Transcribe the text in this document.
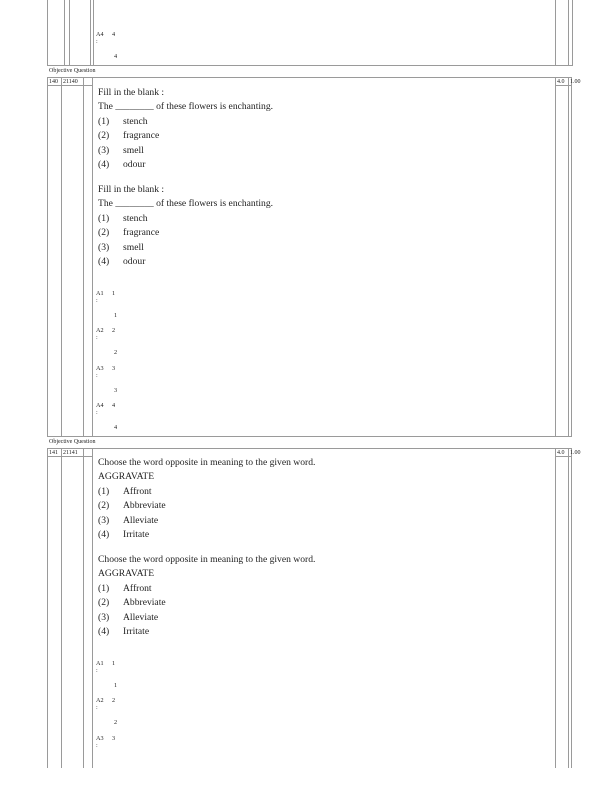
A4 4
:
4
Objective Question
140 21140	4.0 1.00
Fill in the blank :
The ________ of these flowers is enchanting.
(1)	stench
(2)	fragrance
(3)	smell
(4)	odour
Fill in the blank :
The ________ of these flowers is enchanting.
(1)	stench
(2)	fragrance
(3)	smell
(4)	odour
A1 1
:
1
A2 2
:
2
A3 3
:
3
A4 4
:
4
Objective Question
141 21141	4.0 1.00
Choose the word opposite in meaning to the given word.
AGGRAVATE
(1)	Affront
(2)	Abbreviate
(3)	Alleviate
(4)	Irritate
Choose the word opposite in meaning to the given word.
AGGRAVATE
(1)	Affront
(2)	Abbreviate
(3)	Alleviate
(4)	Irritate
A1 1
:
1
A2 2
:
2
A3 3
:
